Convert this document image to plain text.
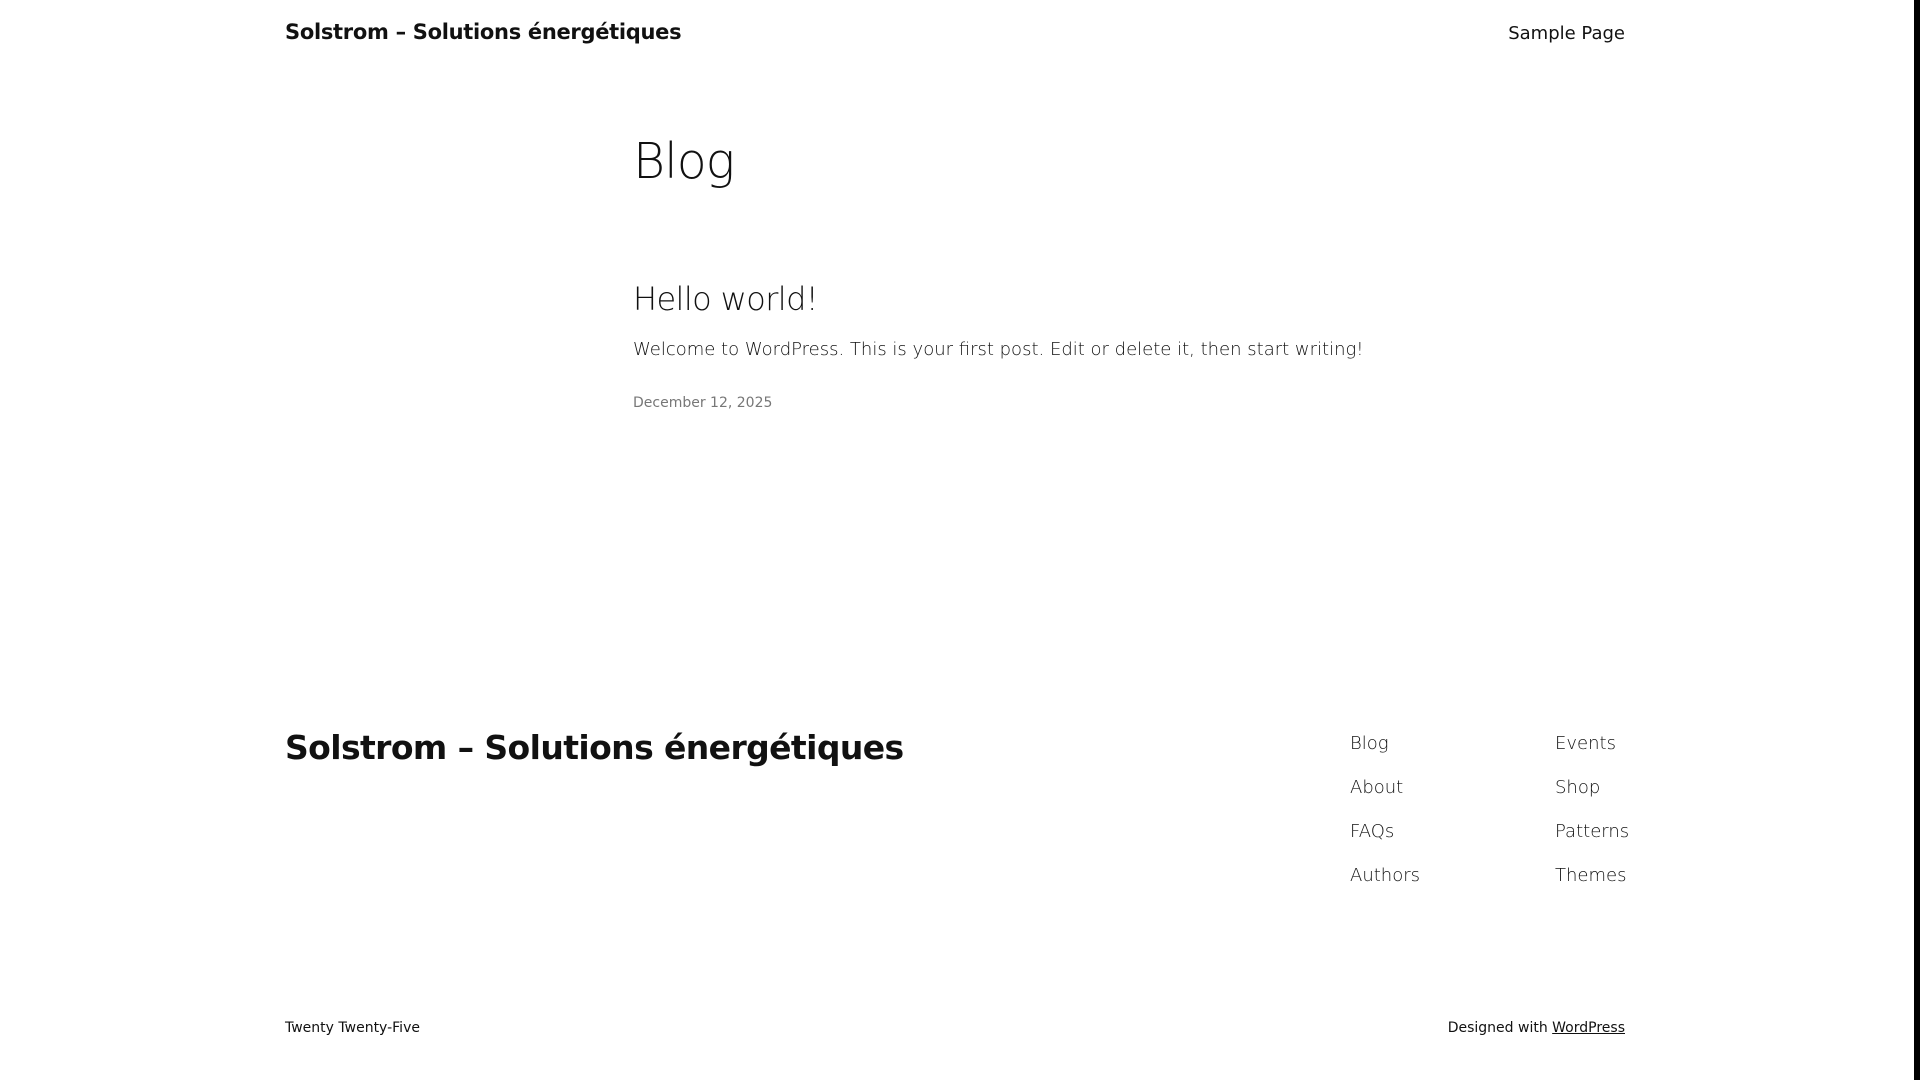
Solstrom – Solutions énergétiques	Sample Page
Blog
Hello world!

Welcome to WordPress. This is your first post. Edit or delete it, then start writing!

December 12, 2025
Solstrom – Solutions énergétiques	Blog
About
FAQs
Authors
Events
Shop
Patterns
Themes
Twenty Twenty-Five	Designed with WordPress
